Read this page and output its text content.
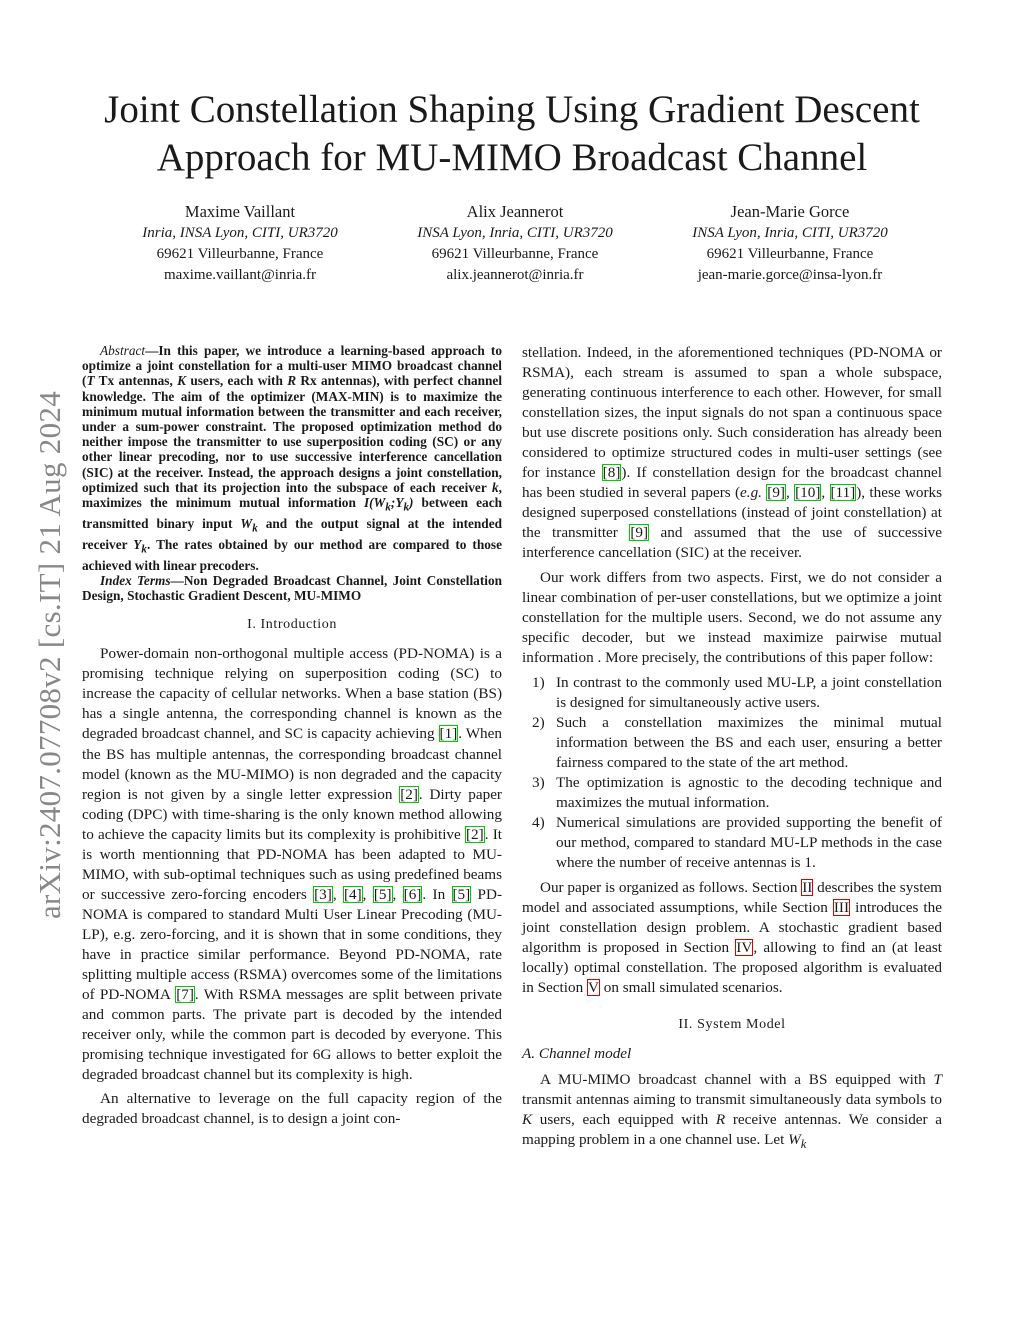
arXiv:2407.07708v2 [cs.IT] 21 Aug 2024
Joint Constellation Shaping Using Gradient Descent
Approach for MU-MIMO Broadcast Channel
Maxime Vaillant
Inria, INSA Lyon, CITI, UR3720
69621 Villeurbanne, France
maxime.vaillant@inria.fr
Alix Jeannerot
INSA Lyon, Inria, CITI, UR3720
69621 Villeurbanne, France
alix.jeannerot@inria.fr
Jean-Marie Gorce
INSA Lyon, Inria, CITI, UR3720
69621 Villeurbanne, France
jean-marie.gorce@insa-lyon.fr

Abstract—In this paper, we introduce a learning-based approach to optimize a joint constellation for a multi-user MIMO broadcast channel (T Tx antennas, K users, each with R Rx antennas), with perfect channel knowledge. The aim of the optimizer (MAX-MIN) is to maximize the minimum mutual information between the transmitter and each receiver, under a sum-power constraint. The proposed optimization method do neither impose the transmitter to use superposition coding (SC) or any other linear precoding, nor to use successive interference cancellation (SIC) at the receiver. Instead, the approach designs a joint constellation, optimized such that its projection into the subspace of each receiver k, maximizes the minimum mutual information $I(W_k;Y_k)$ between each transmitted binary input $W_k$ and the output signal at the intended receiver $Y_k$. The rates obtained by our method are compared to those achieved with linear precoders.

Index Terms—Non Degraded Broadcast Channel, Joint Constellation Design, Stochastic Gradient Descent, MU-MIMO

I. Introduction

Power-domain non-orthogonal multiple access (PD-NOMA) is a promising technique relying on superposition coding (SC) to increase the capacity of cellular networks. When a base station (BS) has a single antenna, the corresponding channel is known as the degraded broadcast channel, and SC is capacity achieving [1]. When the BS has multiple antennas, the corresponding broadcast channel model (known as the MU-MIMO) is non degraded and the capacity region is not given by a single letter expression [2]. Dirty paper coding (DPC) with time-sharing is the only known method allowing to achieve the capacity limits but its complexity is prohibitive [2]. It is worth mentionning that PD-NOMA has been adapted to MU-MIMO, with sub-optimal techniques such as using predefined beams or successive zero-forcing encoders [3], [4], [5], [6]. In [5] PD-NOMA is compared to standard Multi User Linear Precoding (MU-LP), e.g. zero-forcing, and it is shown that in some conditions, they have in practice similar performance. Beyond PD-NOMA, rate splitting multiple access (RSMA) overcomes some of the limitations of PD-NOMA [7]. With RSMA messages are split between private and common parts. The private part is decoded by the intended receiver only, while the common part is decoded by everyone. This promising technique investigated for 6G allows to better exploit the degraded broadcast channel but its complexity is high.

An alternative to leverage on the full capacity region of the degraded broadcast channel, is to design a joint con-

stellation. Indeed, in the aforementioned techniques (PD-NOMA or RSMA), each stream is assumed to span a whole subspace, generating continuous interference to each other. However, for small constellation sizes, the input signals do not span a continuous space but use discrete positions only. Such consideration has already been considered to optimize structured codes in multi-user settings (see for instance [8]). If constellation design for the broadcast channel has been studied in several papers (e.g. [9], [10], [11]), these works designed superposed constellations (instead of joint constellation) at the transmitter [9] and assumed that the use of successive interference cancellation (SIC) at the receiver.

Our work differs from two aspects. First, we do not consider a linear combination of per-user constellations, but we optimize a joint constellation for the multiple users. Second, we do not assume any specific decoder, but we instead maximize pairwise mutual information . More precisely, the contributions of this paper follow:

1) In contrast to the commonly used MU-LP, a joint constellation is designed for simultaneously active users.
2) Such a constellation maximizes the minimal mutual information between the BS and each user, ensuring a better fairness compared to the state of the art method.
3) The optimization is agnostic to the decoding technique and maximizes the mutual information.
4) Numerical simulations are provided supporting the benefit of our method, compared to standard MU-LP methods in the case where the number of receive antennas is 1.

Our paper is organized as follows. Section II describes the system model and associated assumptions, while Section III introduces the joint constellation design problem. A stochastic gradient based algorithm is proposed in Section IV, allowing to find an (at least locally) optimal constellation. The proposed algorithm is evaluated in Section V on small simulated scenarios.

II. System Model
A. Channel model

A MU-MIMO broadcast channel with a BS equipped with T transmit antennas aiming to transmit simultaneously data symbols to K users, each equipped with R receive antennas. We consider a mapping problem in a one channel use. Let $W_k$
